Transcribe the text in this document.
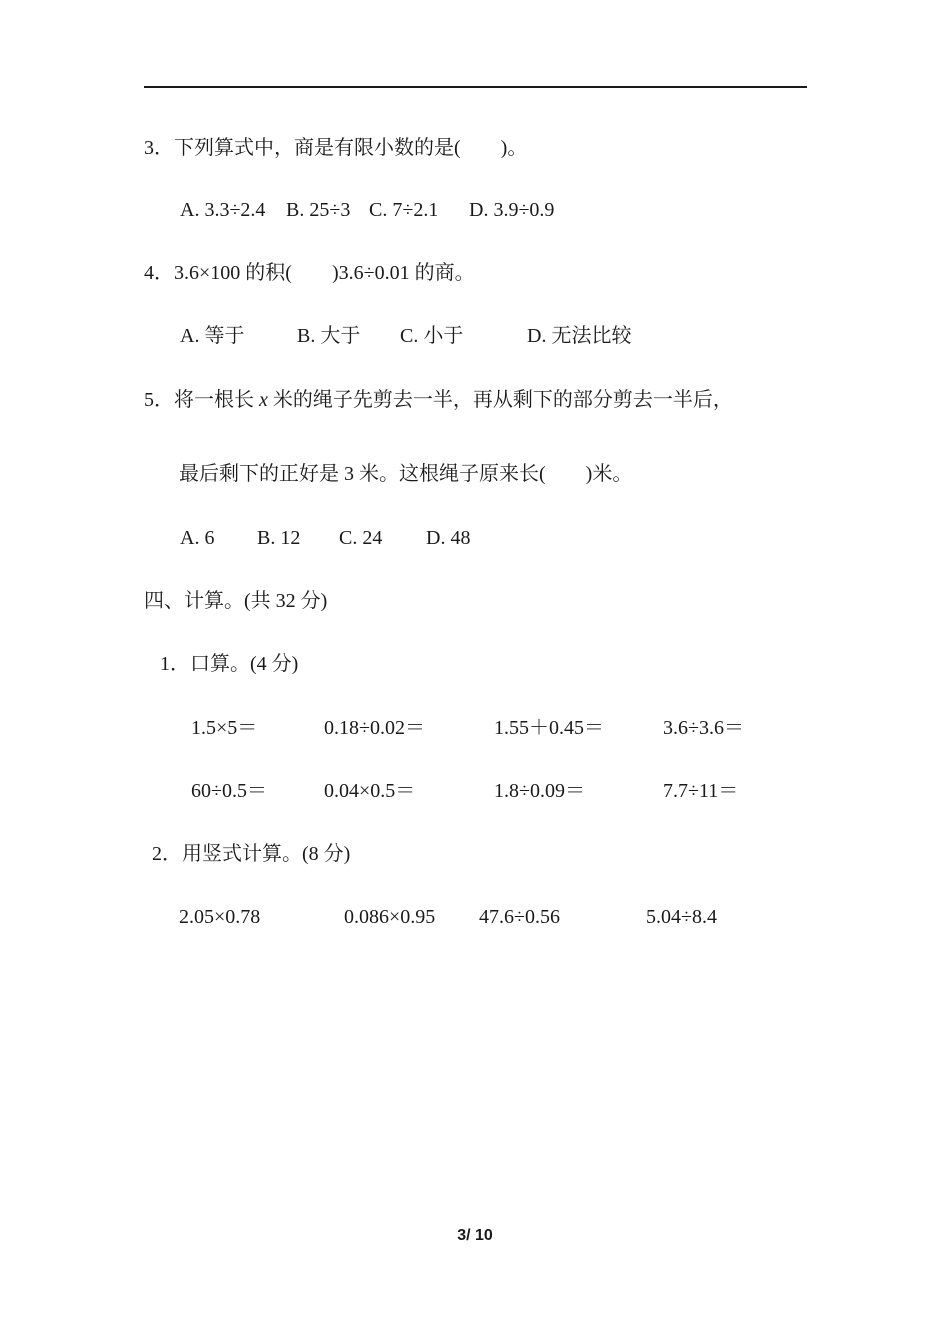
3．下列算式中，商是有限小数的是(        )。
A. 3.3÷2.4 B. 25÷3 C. 7÷2.1 D. 3.9÷0.9
4．3.6×100 的积(        )3.6÷0.01 的商。
A. 等于	B. 大于 C. 小于	D. 无法比较
5．将一根长 x 米的绳子先剪去一半，再从剩下的部分剪去一半后，
最后剩下的正好是 3 米。这根绳子原来长(        )米。
A. 6 B. 12 C. 24 D. 48
四、计算。(共 32 分)
1．口算。(4 分)
1.5×5＝	0.18÷0.02＝	1.55＋0.45＝	3.6÷3.6＝
60÷0.5＝	0.04×0.5＝	1.8÷0.09＝	7.7÷11＝
2．用竖式计算。(8 分)
2.05×0.78	0.086×0.95 47.6÷0.56	5.04÷8.4
3/ 10
